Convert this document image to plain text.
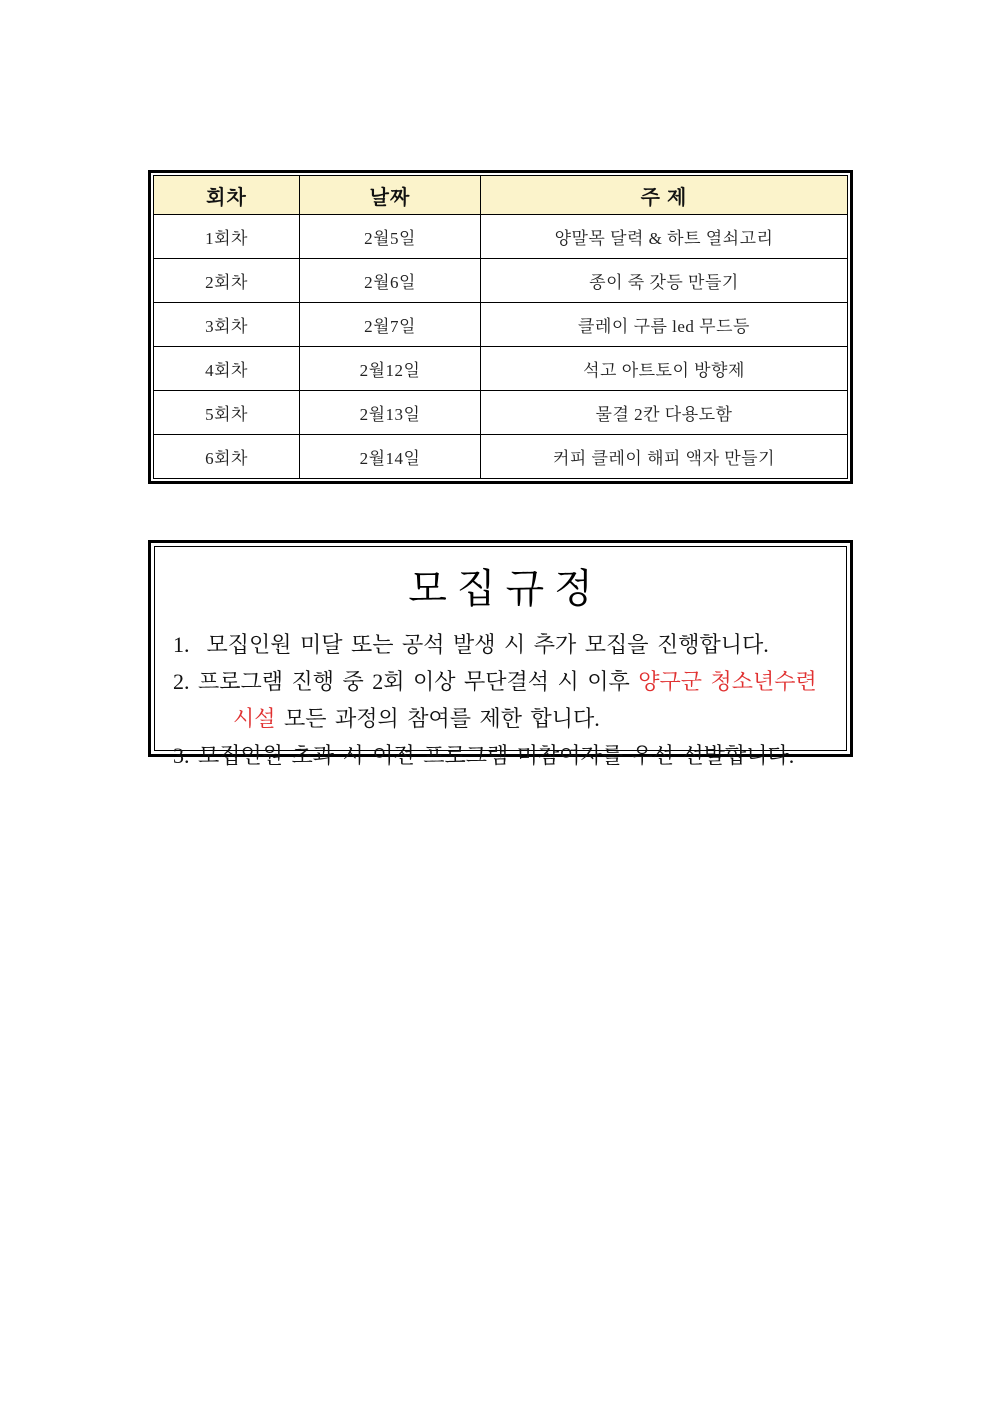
회차	날짜	주 제
1회차	2월5일	양말목 달력 & 하트 열쇠고리
2회차	2월6일	종이 죽 갓등 만들기
3회차	2월7일	클레이 구름 led 무드등
4회차	2월12일	석고 아트토이 방향제
5회차	2월13일	물결 2칸 다용도함
6회차	2월14일	커피 클레이 해피 액자 만들기
모 집 규 정
1.  모집인원 미달 또는 공석 발생 시 추가 모집을 진행합니다.
2. 프로그램 진행 중 2회 이상 무단결석 시 이후 양구군 청소년수련
시설 모든 과정의 참여를 제한 합니다.
3. 모집인원 초과 시 이전 프로그램 미참여자를 우선 선발합니다.
